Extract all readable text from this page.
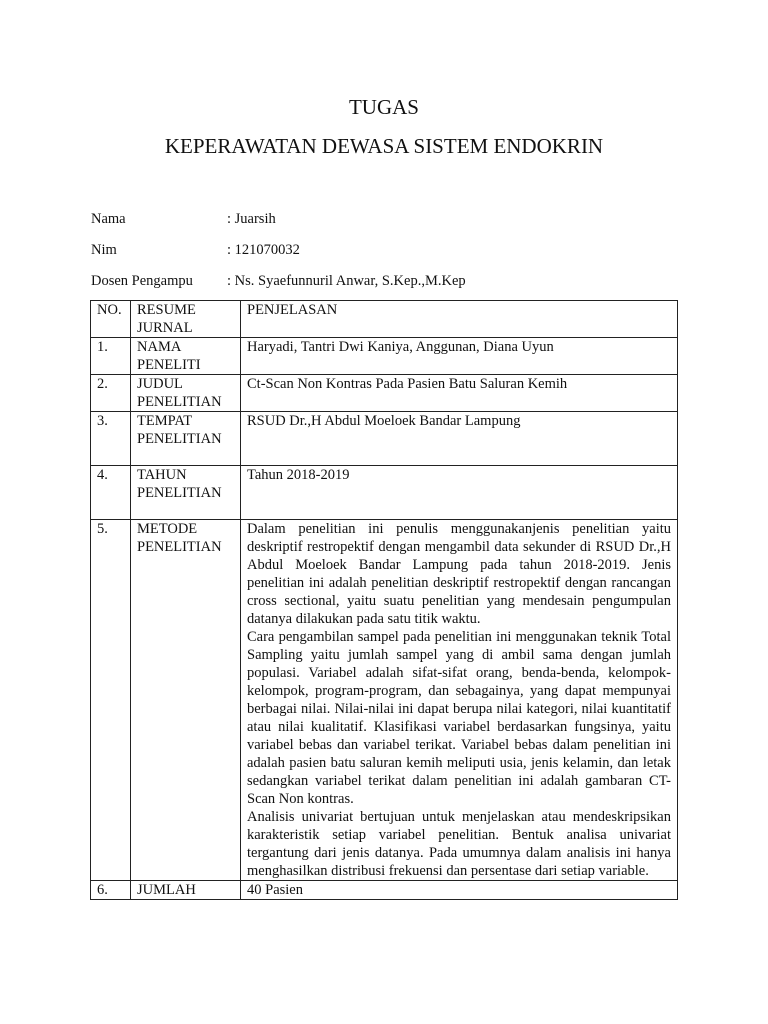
TUGAS
KEPERAWATAN DEWASA SISTEM ENDOKRIN
Nama	: Juarsih
Nim	: 121070032
Dosen Pengampu : Ns. Syaefunnuril Anwar, S.Kep.,M.Kep
NO.	RESUME JURNAL	PENJELASAN
1.	NAMA PENELITI	Haryadi, Tantri Dwi Kaniya, Anggunan, Diana Uyun
2.	JUDUL PENELITIAN	Ct-Scan Non Kontras Pada Pasien Batu Saluran Kemih
3.	TEMPAT PENELITIAN	RSUD Dr.,H Abdul Moeloek Bandar Lampung
4.	TAHUN PENELITIAN	Tahun 2018-2019
5.	METODE PENELITIAN	Dalam penelitian ini penulis menggunakanjenis penelitian yaitu deskriptif restropektif dengan mengambil data sekunder di RSUD Dr.,H Abdul Moeloek Bandar Lampung pada tahun 2018-2019. Jenis penelitian ini adalah penelitian deskriptif restropektif dengan rancangan cross sectional, yaitu suatu penelitian yang mendesain pengumpulan datanya dilakukan pada satu titik waktu.

Cara pengambilan sampel pada penelitian ini menggunakan teknik Total Sampling yaitu jumlah sampel yang di ambil sama dengan jumlah populasi. Variabel adalah sifat-sifat orang, benda-benda, kelompok-kelompok, program-program, dan sebagainya, yang dapat mempunyai berbagai nilai. Nilai-nilai ini dapat berupa nilai kategori, nilai kuantitatif atau nilai kualitatif. Klasifikasi variabel berdasarkan fungsinya, yaitu variabel bebas dan variabel terikat. Variabel bebas dalam penelitian ini adalah pasien batu saluran kemih meliputi usia, jenis kelamin, dan letak sedangkan variabel terikat dalam penelitian ini adalah gambaran CT-Scan Non kontras.

Analisis univariat bertujuan untuk menjelaskan atau mendeskripsikan karakteristik setiap variabel penelitian. Bentuk analisa univariat tergantung dari jenis datanya. Pada umumnya dalam analisis ini hanya menghasilkan distribusi frekuensi dan persentase dari setiap variable.

6.	JUMLAH	40 Pasien
